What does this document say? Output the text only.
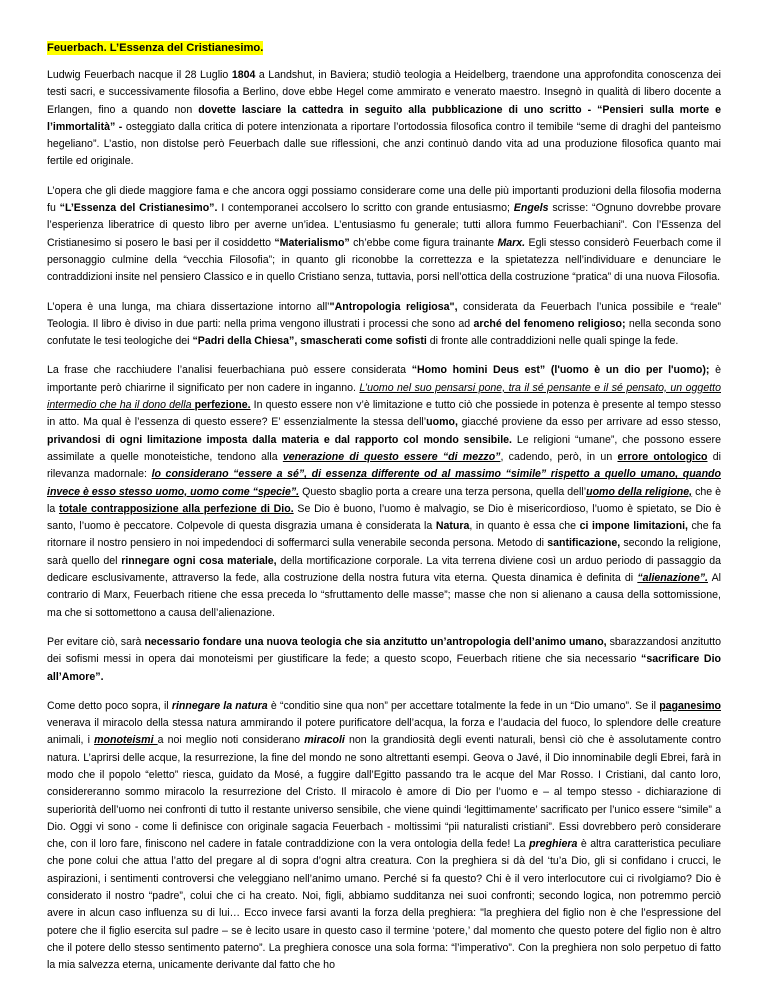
Feuerbach. L’Essenza del Cristianesimo.

Ludwig Feuerbach nacque il 28 Luglio 1804 a Landshut, in Baviera; studiò teologia a Heidelberg, traendone una approfondita conoscenza dei testi sacri, e successivamente filosofia a Berlino, dove ebbe Hegel come ammirato e venerato maestro. Insegnò in qualità di libero docente a Erlangen, fino a quando non dovette lasciare la cattedra in seguito alla pubblicazione di uno scritto - “Pensieri sulla morte e l’immortalità” - osteggiato dalla critica di potere intenzionata a riportare l’ortodossia filosofica contro il temibile “seme di draghi del panteismo hegeliano”. L’astio, non distolse però Feuerbach dalle sue riflessioni, che anzi continuò dando vita ad una produzione filosofica quanto mai fertile ed originale.

L’opera che gli diede maggiore fama e che ancora oggi possiamo considerare come una delle più importanti produzioni della filosofia moderna fu “L’Essenza del Cristianesimo”. I contemporanei accolsero lo scritto con grande entusiasmo; Engels scrisse: “Ognuno dovrebbe provare l’esperienza liberatrice di questo libro per averne un’idea. L’entusiasmo fu generale; tutti allora fummo Feuerbachiani”. Con l’Essenza del Cristianesimo si posero le basi per il cosiddetto “Materialismo” ch’ebbe come figura trainante Marx. Egli stesso considerò Feuerbach come il personaggio culmine della “vecchia Filosofia”; in quanto gli riconobbe la correttezza e la spietatezza nell’individuare e denunciare le contraddizioni insite nel pensiero Classico e in quello Cristiano senza, tuttavia, porsi nell’ottica della costruzione “pratica” di una nuova Filosofia.

L’opera è una lunga, ma chiara dissertazione intorno all’"Antropologia religiosa", considerata da Feuerbach l’unica possibile e “reale” Teologia. Il libro è diviso in due parti: nella prima vengono illustrati i processi che sono ad arché del fenomeno religioso; nella seconda sono confutate le tesi teologiche dei “Padri della Chiesa”, smascherati come sofisti di fronte alle contraddizioni nelle quali spinge la fede.

La frase che racchiudere l’analisi feuerbachiana può essere considerata “Homo homini Deus est” (l'uomo è un dio per l'uomo); è importante però chiarirne il significato per non cadere in inganno. L’uomo nel suo pensarsi pone, tra il sé pensante e il sé pensato, un oggetto intermedio che ha il dono della perfezione. In questo essere non v’è limitazione e tutto ciò che possiede in potenza è presente al tempo stesso in atto. Ma qual è l’essenza di questo essere? E’ essenzialmente la stessa dell’uomo, giacché proviene da esso per arrivare ad esso stesso, privandosi di ogni limitazione imposta dalla materia e dal rapporto col mondo sensibile. Le religioni “umane”, che possono essere assimilate a quelle monoteistiche, tendono alla venerazione di questo essere “di mezzo”, cadendo, però, in un errore ontologico di rilevanza madornale: lo considerano “essere a sé”, di essenza differente od al massimo “simile” rispetto a quello umano, quando invece è esso stesso uomo, uomo come “specie”. Questo sbaglio porta a creare una terza persona, quella dell’uomo della religione, che è la totale contrapposizione alla perfezione di Dio. Se Dio è buono, l’uomo è malvagio, se Dio è misericordioso, l’uomo è spietato, se Dio è santo, l’uomo è peccatore. Colpevole di questa disgrazia umana è considerata la Natura, in quanto è essa che ci impone limitazioni, che fa ritornare il nostro pensiero in noi impedendoci di soffermarci sulla venerabile seconda persona. Metodo di santificazione, secondo la religione, sarà quello del rinnegare ogni cosa materiale, della mortificazione corporale. La vita terrena diviene così un arduo periodo di passaggio da dedicare esclusivamente, attraverso la fede, alla costruzione della nostra futura vita eterna. Questa dinamica è definita di “alienazione”. Al contrario di Marx, Feuerbach ritiene che essa preceda lo “sfruttamento delle masse”; masse che non si alienano a causa della sottomissione, ma che si sottomettono a causa dell’alienazione.

Per evitare ciò, sarà necessario fondare una nuova teologia che sia anzitutto un’antropologia dell’animo umano, sbarazzandosi anzitutto dei sofismi messi in opera dai monoteismi per giustificare la fede; a questo scopo, Feuerbach ritiene che sia necessario “sacrificare Dio all’Amore”.

Come detto poco sopra, il rinnegare la natura è “conditio sine qua non” per accettare totalmente la fede in un “Dio umano”. Se il paganesimo venerava il miracolo della stessa natura ammirando il potere purificatore dell’acqua, la forza e l’audacia del fuoco, lo splendore delle creature animali, i monoteismi a noi meglio noti considerano miracoli non la grandiosità degli eventi naturali, bensì ciò che è assolutamente contro natura. L’aprirsi delle acque, la resurrezione, la fine del mondo ne sono altrettanti esempi. Geova o Javé, il Dio innominabile degli Ebrei, farà in modo che il popolo “eletto” riesca, guidato da Mosé, a fuggire dall’Egitto passando tra le acque del Mar Rosso. I Cristiani, dal canto loro, considereranno sommo miracolo la resurrezione del Cristo. Il miracolo è amore di Dio per l’uomo e – al tempo stesso - dichiarazione di superiorità dell’uomo nei confronti di tutto il restante universo sensibile, che viene quindi ‘legittimamente’ sacrificato per l’unico essere “simile” a Dio. Oggi vi sono - come li definisce con originale sagacia Feuerbach - moltissimi “pii naturalisti cristiani”. Essi dovrebbero però considerare che, con il loro fare, finiscono nel cadere in fatale contraddizione con la vera ontologia della fede! La preghiera è altra caratteristica peculiare che pone colui che attua l’atto del pregare al di sopra d’ogni altra creatura. Con la preghiera si dà del ‘tu’a Dio, gli si confidano i crucci, le aspirazioni, i sentimenti controversi che veleggiano nell’animo umano. Perché si fa questo? Chi è il vero interlocutore cui ci rivolgiamo? Dio è considerato il nostro “padre”, colui che ci ha creato. Noi, figli, abbiamo sudditanza nei suoi confronti; secondo logica, non potremmo perciò avere in alcun caso influenza su di lui… Ecco invece farsi avanti la forza della preghiera: "la preghiera del figlio non è che l’espressione del potere che il figlio esercita sul padre – se è lecito usare in questo caso il termine ‘potere,’ dal momento che questo potere del figlio non è altro che il potere dello stesso sentimento paterno”. La preghiera conosce una sola forma: “l’imperativo”. Con la preghiera non solo perpetuo di fatto la mia salvezza eterna, unicamente derivante dal fatto che ho
